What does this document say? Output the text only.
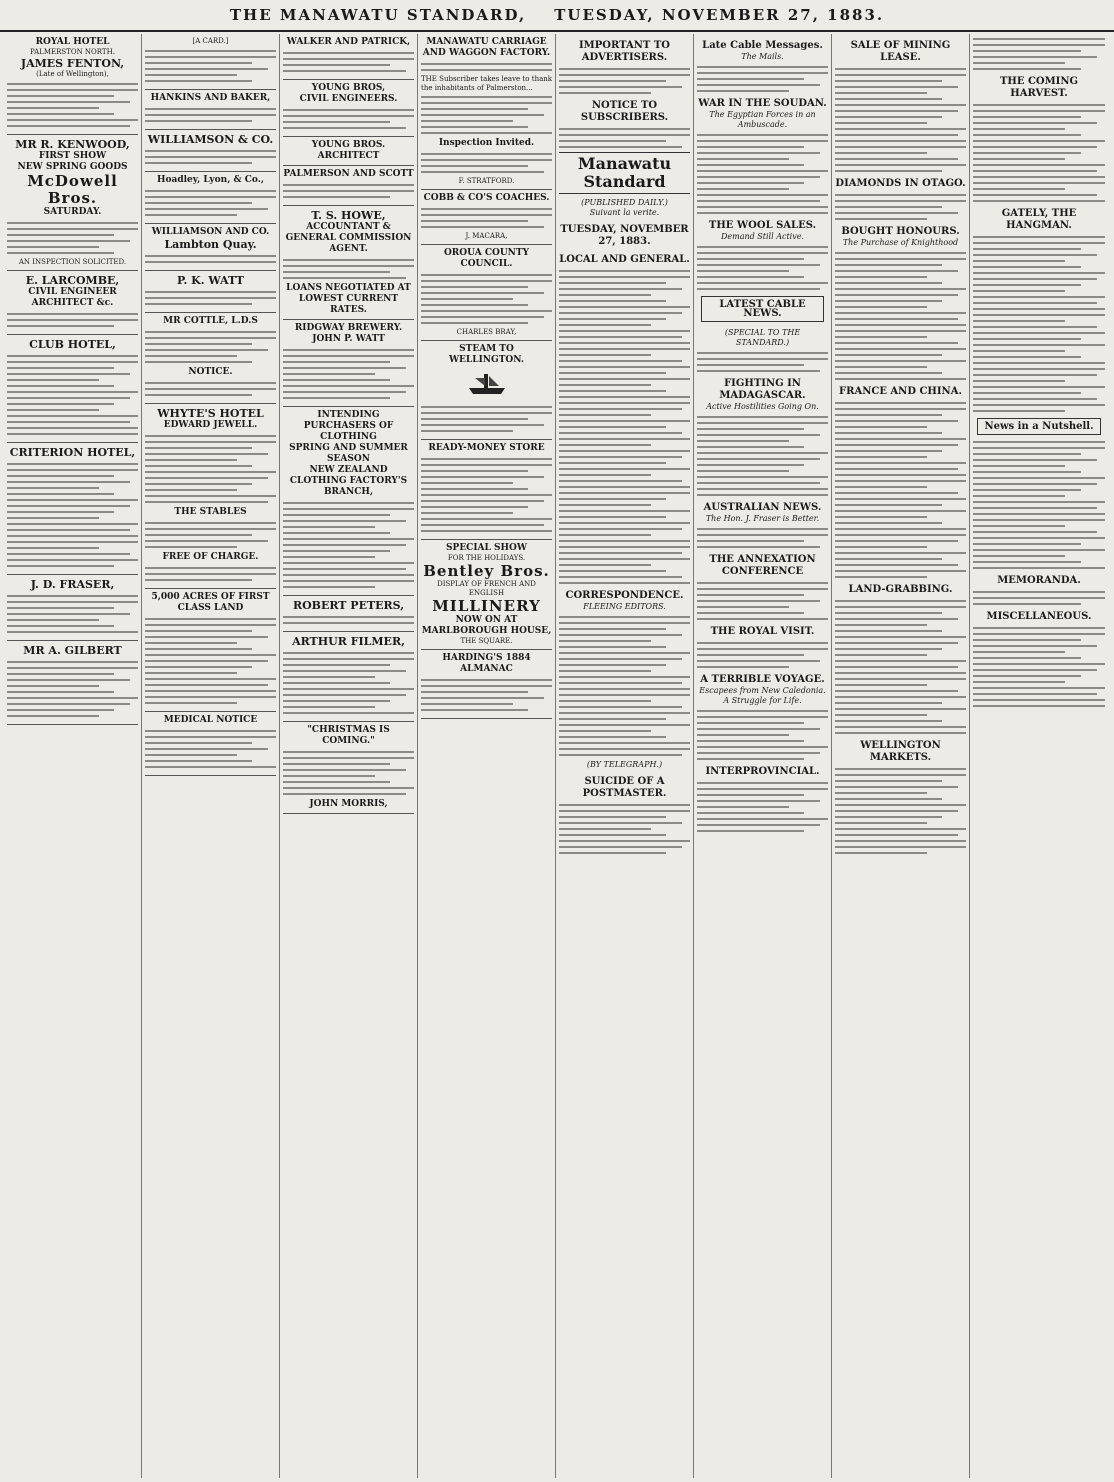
THE MANAWATU STANDARD, TUESDAY, NOVEMBER 27, 1883.
ROYAL HOTEL
PALMERSTON NORTH.
JAMES FENTON,
(Late of Wellington),
MR R. KENWOOD,
FIRST SHOW
NEW SPRING GOODS
McDowell Bros.
SATURDAY.
AN INSPECTION SOLICITED.
E. LARCOMBE,
CIVIL ENGINEER
ARCHITECT &c.
CLUB HOTEL,
CRITERION HOTEL,
J. D. FRASER,
MR A. GILBERT
[A CARD.]
HANKINS AND BAKER,
WILLIAMSON & CO.
Hoadley, Lyon, & Co.,
WILLIAMSON AND CO.
Lambton Quay.
P. K. WATT
MR COTTLE, L.D.S
NOTICE.
WHYTE'S HOTEL
EDWARD JEWELL.
THE STABLES
FREE OF CHARGE.
5,000 ACRES OF FIRST CLASS LAND
MEDICAL NOTICE
WALKER AND PATRICK,
YOUNG BROS,
CIVIL ENGINEERS.
YOUNG BROS.
ARCHITECT
PALMERSON AND SCOTT
T. S. HOWE,
ACCOUNTANT & GENERAL COMMISSION AGENT.
LOANS NEGOTIATED AT LOWEST CURRENT RATES.
RIDGWAY BREWERY.
JOHN P. WATT
INTENDING PURCHASERS OF CLOTHING
SPRING AND SUMMER SEASON
NEW ZEALAND CLOTHING FACTORY'S BRANCH,
ROBERT PETERS,
ARTHUR FILMER,
"CHRISTMAS IS COMING."
JOHN MORRIS,
MANAWATU CARRIAGE AND WAGGON FACTORY.

THE Subscriber takes leave to thank the inhabitants of Palmerston...

Inspection Invited.
F. STRATFORD.
COBB & CO'S COACHES.
J. MACARA,
OROUA COUNTY COUNCIL.
CHARLES BRAY,
STEAM TO WELLINGTON.
READY-MONEY STORE
SPECIAL SHOW
FOR THE HOLIDAYS.
Bentley Bros.
DISPLAY OF FRENCH AND ENGLISH
MILLINERY
NOW ON AT MARLBOROUGH HOUSE,
THE SQUARE.
HARDING'S 1884 ALMANAC
IMPORTANT TO ADVERTISERS.
NOTICE TO SUBSCRIBERS.
Manawatu Standard
(PUBLISHED DAILY.)
Suivant la verite.
TUESDAY, NOVEMBER 27, 1883.
LOCAL AND GENERAL.
CORRESPONDENCE.
FLEEING EDITORS.
(BY TELEGRAPH.)
SUICIDE OF A POSTMASTER.
Late Cable Messages.
The Mails.
WAR IN THE SOUDAN.
The Egyptian Forces in an Ambuscade.
THE WOOL SALES.
Demand Still Active.
LATEST CABLE NEWS.
(SPECIAL TO THE STANDARD.)
FIGHTING IN MADAGASCAR.
Active Hostilities Going On.
AUSTRALIAN NEWS.
The Hon. J. Fraser is Better.
THE ANNEXATION CONFERENCE
THE ROYAL VISIT.
A TERRIBLE VOYAGE.
Escapees from New Caledonia.
A Struggle for Life.
INTERPROVINCIAL.
SALE OF MINING LEASE.
DIAMONDS IN OTAGO.
BOUGHT HONOURS.
The Purchase of Knighthood
FRANCE AND CHINA.
LAND-GRABBING.
WELLINGTON MARKETS.
THE COMING HARVEST.
GATELY, THE HANGMAN.
News in a Nutshell.
MEMORANDA.
MISCELLANEOUS.
